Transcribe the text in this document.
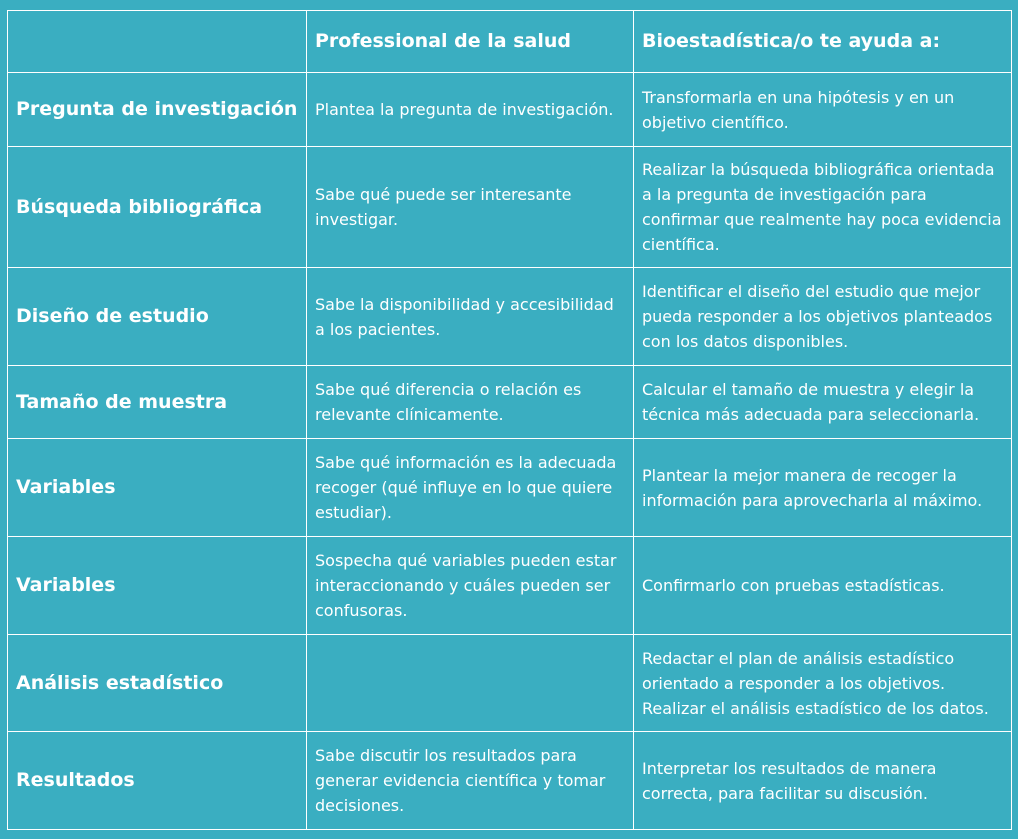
	Professional de la salud	Bioestadística/o te ayuda a:
Pregunta de investigación	Plantea la pregunta de investigación.	Transformarla en una hipótesis y en un objetivo científico.
Búsqueda bibliográfica	Sabe qué puede ser interesante investigar.	Realizar la búsqueda bibliográfica orientada a la pregunta de investigación para confirmar que realmente hay poca evidencia científica.
Diseño de estudio	Sabe la disponibilidad y accesibilidad a los pacientes.	Identificar el diseño del estudio que mejor pueda responder a los objetivos planteados con los datos disponibles.
Tamaño de muestra	Sabe qué diferencia o relación es relevante clínicamente.	Calcular el tamaño de muestra y elegir la técnica más adecuada para seleccionarla.
Variables	Sabe qué información es la adecuada recoger (qué influye en lo que quiere estudiar).	Plantear la mejor manera de recoger la información para aprovecharla al máximo.
Variables	Sospecha qué variables pueden estar interaccionando y cuáles pueden ser confusoras.	Confirmarlo con pruebas estadísticas.
Análisis estadístico		Redactar el plan de análisis estadístico orientado a responder a los objetivos. Realizar el análisis estadístico de los datos.
Resultados	Sabe discutir los resultados para generar evidencia científica y tomar decisiones.	Interpretar los resultados de manera correcta, para facilitar su discusión.
